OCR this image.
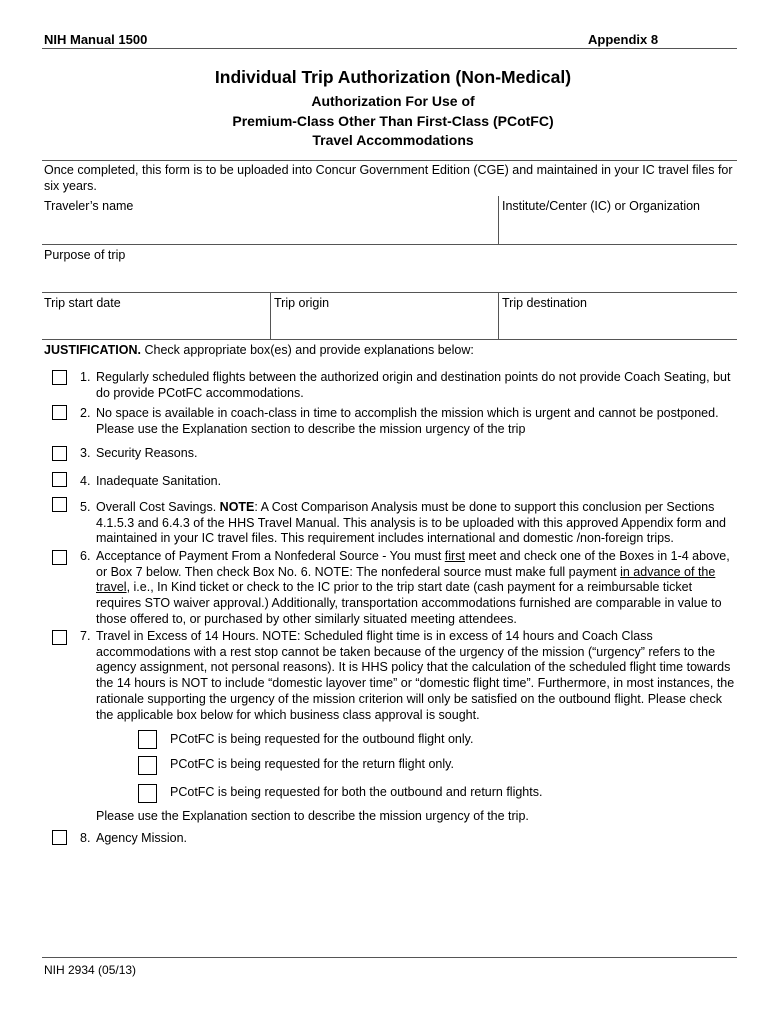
NIH Manual 1500	Appendix 8
Individual Trip Authorization (Non-Medical)
Authorization For Use of
Premium-Class Other Than First-Class (PCotFC)
Travel Accommodations
Once completed, this form is to be uploaded into Concur Government Edition (CGE) and maintained in your IC travel files for six years.
Traveler’s name	Institute/Center (IC) or Organization
Purpose of trip
Trip start date	Trip origin	Trip destination
JUSTIFICATION. Check appropriate box(es) and provide explanations below:
1. Regularly scheduled flights between the authorized origin and destination points do not provide Coach Seating, but do provide PCotFC accommodations.
2. No space is available in coach-class in time to accomplish the mission which is urgent and cannot be postponed. Please use the Explanation section to describe the mission urgency of the trip
3. Security Reasons.
4. Inadequate Sanitation.
5. Overall Cost Savings. NOTE: A Cost Comparison Analysis must be done to support this conclusion per Sections 4.1.5.3 and 6.4.3 of the HHS Travel Manual. This analysis is to be uploaded with this approved Appendix form and maintained in your IC travel files. This requirement includes international and domestic /non-foreign trips.
6. Acceptance of Payment From a Nonfederal Source - You must first meet and check one of the Boxes in 1-4 above, or Box 7 below. Then check Box No. 6. NOTE: The nonfederal source must make full payment in advance of the travel, i.e., In Kind ticket or check to the IC prior to the trip start date (cash payment for a reimbursable ticket requires STO waiver approval.) Additionally, transportation accommodations furnished are comparable in value to those offered to, or purchased by other similarly situated meeting attendees.
7. Travel in Excess of 14 Hours. NOTE: Scheduled flight time is in excess of 14 hours and Coach Class accommodations with a rest stop cannot be taken because of the urgency of the mission (“urgency” refers to the agency assignment, not personal reasons). It is HHS policy that the calculation of the scheduled flight time towards the 14 hours is NOT to include “domestic layover time” or “domestic flight time”. Furthermore, in most instances, the rationale supporting the urgency of the mission criterion will only be satisfied on the outbound flight. Please check the applicable box below for which business class approval is sought.
PCotFC is being requested for the outbound flight only.
PCotFC is being requested for the return flight only.
PCotFC is being requested for both the outbound and return flights.
Please use the Explanation section to describe the mission urgency of the trip.
8. Agency Mission.
NIH 2934 (05/13)
